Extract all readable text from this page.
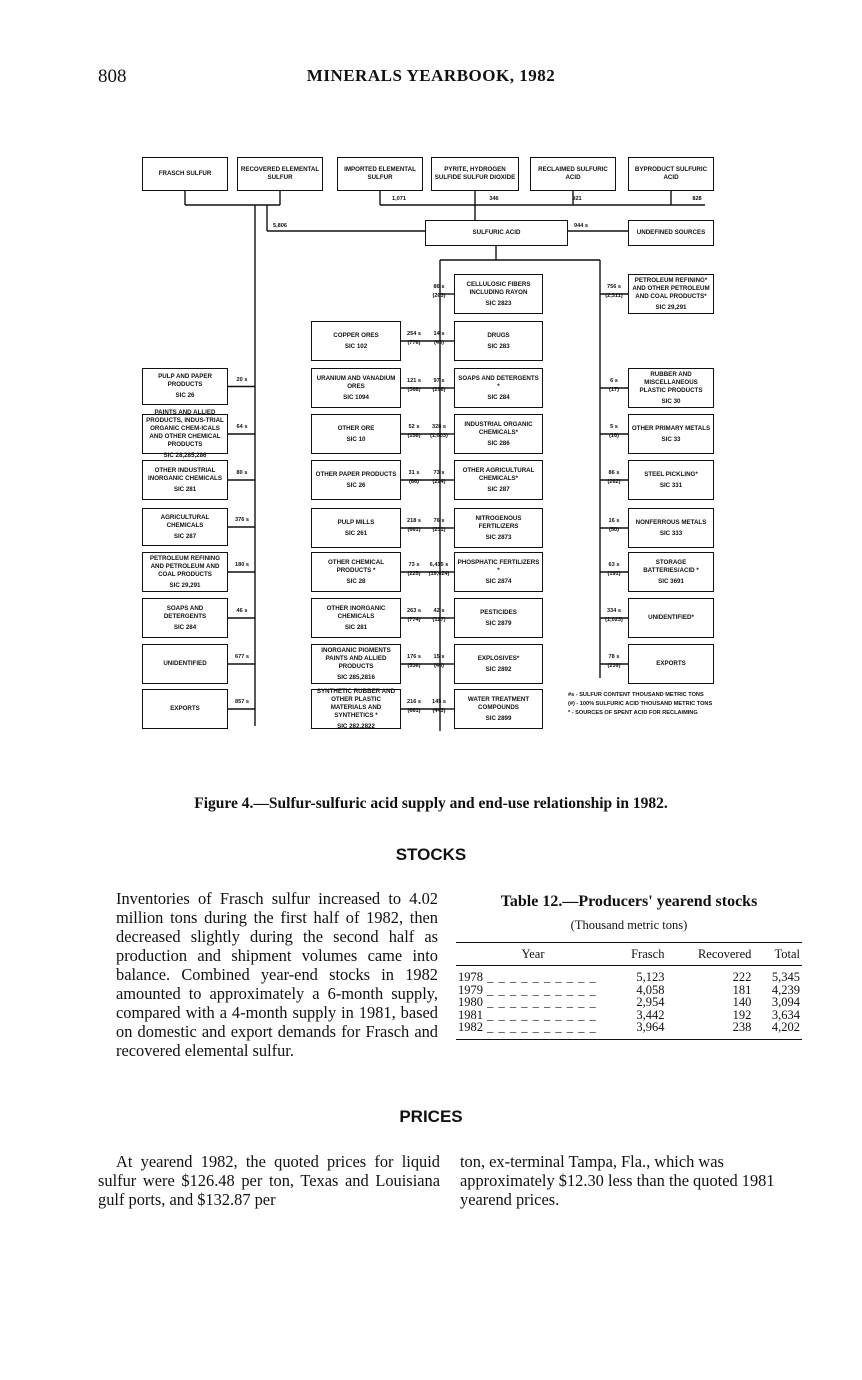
808	MINERALS YEARBOOK, 1982
FRASCH SULFUR
RECOVERED ELEMENTAL SULFUR
IMPORTED ELEMENTAL SULFUR
PYRITE, HYDROGEN SULFIDE SULFUR DIOXIDE
RECLAIMED SULFURIC ACID
BYPRODUCT SULFURIC ACID
1,071	346	921	828
5,806
SULFURIC ACID	UNDEFINED SOURCES
944 s
PULP AND PAPER PRODUCTS
SIC 26
20 s
PAINTS AND ALLIED PRODUCTS, INDUS-TRIAL ORGANIC CHEM-ICALS AND OTHER CHEMICAL PRODUCTS
SIC 28,285,286
64 s
OTHER INDUSTRIAL INORGANIC CHEMICALS
SIC 281
80 s
AGRICULTURAL CHEMICALS
SIC 287
376 s
PETROLEUM REFINING AND PETROLEUM AND COAL PRODUCTS
SIC 29,291
180 s
SOAPS AND DETERGENTS
SIC 284
46 s
UNIDENTIFIED
677 s
EXPORTS
857 s
COPPER ORES
SIC 102
254 s
(776)
URANIUM AND VANADIUM ORES
SIC 1094
121 s
(368)
OTHER ORE
SIC 10
52 s
(158)
OTHER PAPER PRODUCTS
SIC 26
31 s
(86)
PULP MILLS
SIC 261
218 s
(661)
OTHER CHEMICAL PRODUCTS *
SIC 28
73 s
(225)
OTHER INORGANIC CHEMICALS
SIC 281
263 s
(774)
INORGANIC PIGMENTS PAINTS AND ALLIED PRODUCTS
SIC 285,2816
176 s
(536)
SYNTHETIC RUBBER AND OTHER PLASTIC MATERIALS AND SYNTHETICS *
SIC 282,2822
216 s
(661)
CELLULOSIC FIBERS INCLUDING RAYON
SIC 2823
86 s
(263)
DRUGS
SIC 283
14 s
(43)
SOAPS AND DETERGENTS *
SIC 284
97 s
(296)
INDUSTRIAL ORGANIC CHEMICALS*
SIC 286
328 s
(1,003)
OTHER AGRICULTURAL CHEMICALS*
SIC 287
73 s
(224)
NITROGENOUS FERTILIZERS
SIC 2873
76 s
(231)
PHOSPHATIC FERTILIZERS *
SIC 2874
6,415 s
(19,624)
PESTICIDES
SIC 2879
42 s
(127)
EXPLOSIVES*
SIC 2892
15 s
(46)
WATER TREATMENT COMPOUNDS
SIC 2899
145 s
(443)
PETROLEUM REFINING* AND OTHER PETROLEUM AND COAL PRODUCTS*
SIC 29,291
756 s
(2,311)
RUBBER AND MISCELLANEOUS PLASTIC PRODUCTS
SIC 30
6 s
(17)
OTHER PRIMARY METALS
SIC 33
5 s
(16)
STEEL PICKLING*
SIC 331
86 s
(262)
NONFERROUS METALS
SIC 333
16 s
(50)
STORAGE BATTERIES/ACID *
SIC 3691
63 s
(191)
UNIDENTIFIED*
334 s
(1,023)
EXPORTS
78 s
(239)
#s - SULFUR CONTENT THOUSAND METRIC TONS
(#) - 100% SULFURIC ACID THOUSAND METRIC TONS
* - SOURCES OF SPENT ACID FOR RECLAIMING
Figure 4.—Sulfur-sulfuric acid supply and end-use relationship in 1982.
STOCKS
Inventories of Frasch sulfur increased to 4.02 million tons during the first half of 1982, then decreased slightly during the second half as production and shipment volumes came into balance. Combined year-end stocks in 1982 amounted to approximately a 6-month supply, compared with a 4-month supply in 1981, based on domestic and export demands for Frasch and recovered elemental sulfur.
Table 12.—Producers' yearend stocks
(Thousand metric tons)
Year	Frasch	Recovered	Total
1978 _ _ _ _ _ _ _ _ _ _	5,123	222	5,345
1979 _ _ _ _ _ _ _ _ _ _	4,058	181	4,239
1980 _ _ _ _ _ _ _ _ _ _	2,954	140	3,094
1981 _ _ _ _ _ _ _ _ _ _	3,442	192	3,634
1982 _ _ _ _ _ _ _ _ _ _	3,964	238	4,202
PRICES
At yearend 1982, the quoted prices for liquid sulfur were $126.48 per ton, Texas and Louisiana gulf ports, and $132.87 per
ton, ex-terminal Tampa, Fla., which was approximately $12.30 less than the quoted 1981 yearend prices.
